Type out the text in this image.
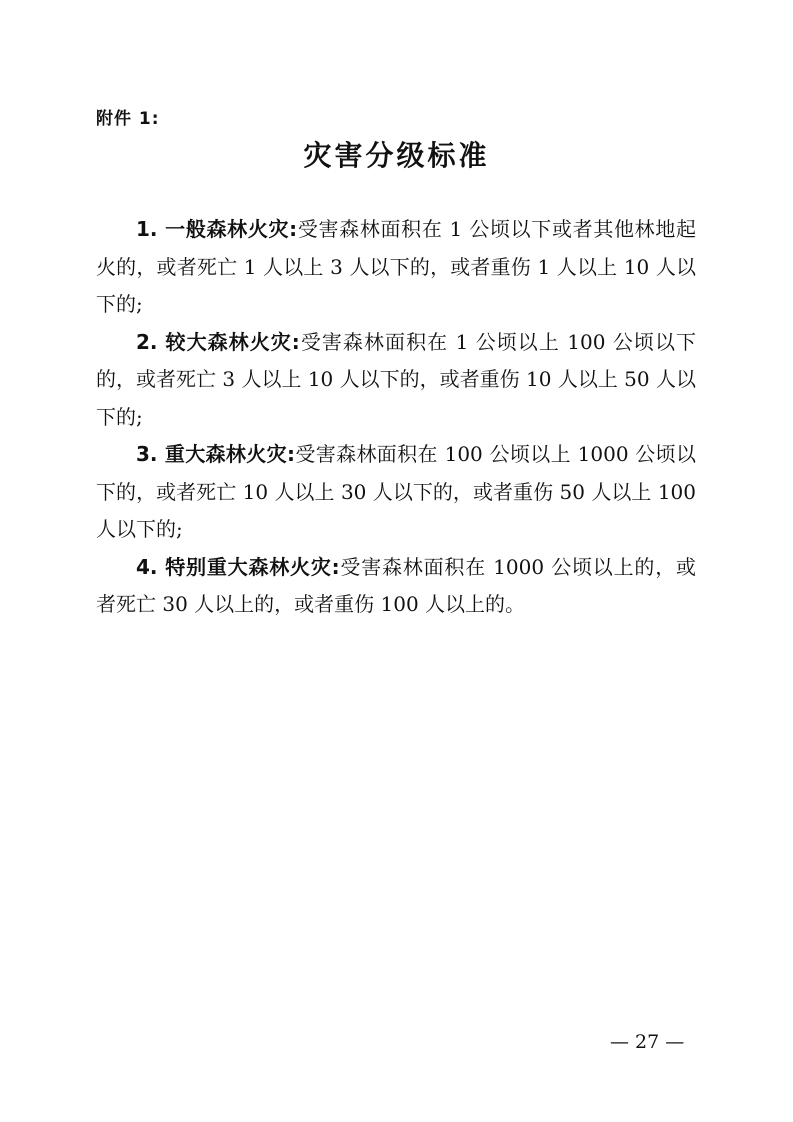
附件 1:
灾害分级标准

1. 一般森林火灾:受害森林面积在 1 公顷以下或者其他林地起火的，或者死亡 1 人以上 3 人以下的，或者重伤 1 人以上 10 人以下的;

2. 较大森林火灾:受害森林面积在 1 公顷以上 100 公顷以下的，或者死亡 3 人以上 10 人以下的，或者重伤 10 人以上 50 人以下的;

3. 重大森林火灾:受害森林面积在 100 公顷以上 1000 公顷以下的，或者死亡 10 人以上 30 人以下的，或者重伤 50 人以上 100 人以下的;

4. 特别重大森林火灾:受害森林面积在 1000 公顷以上的，或者死亡 30 人以上的，或者重伤 100 人以上的。

— 27 —
